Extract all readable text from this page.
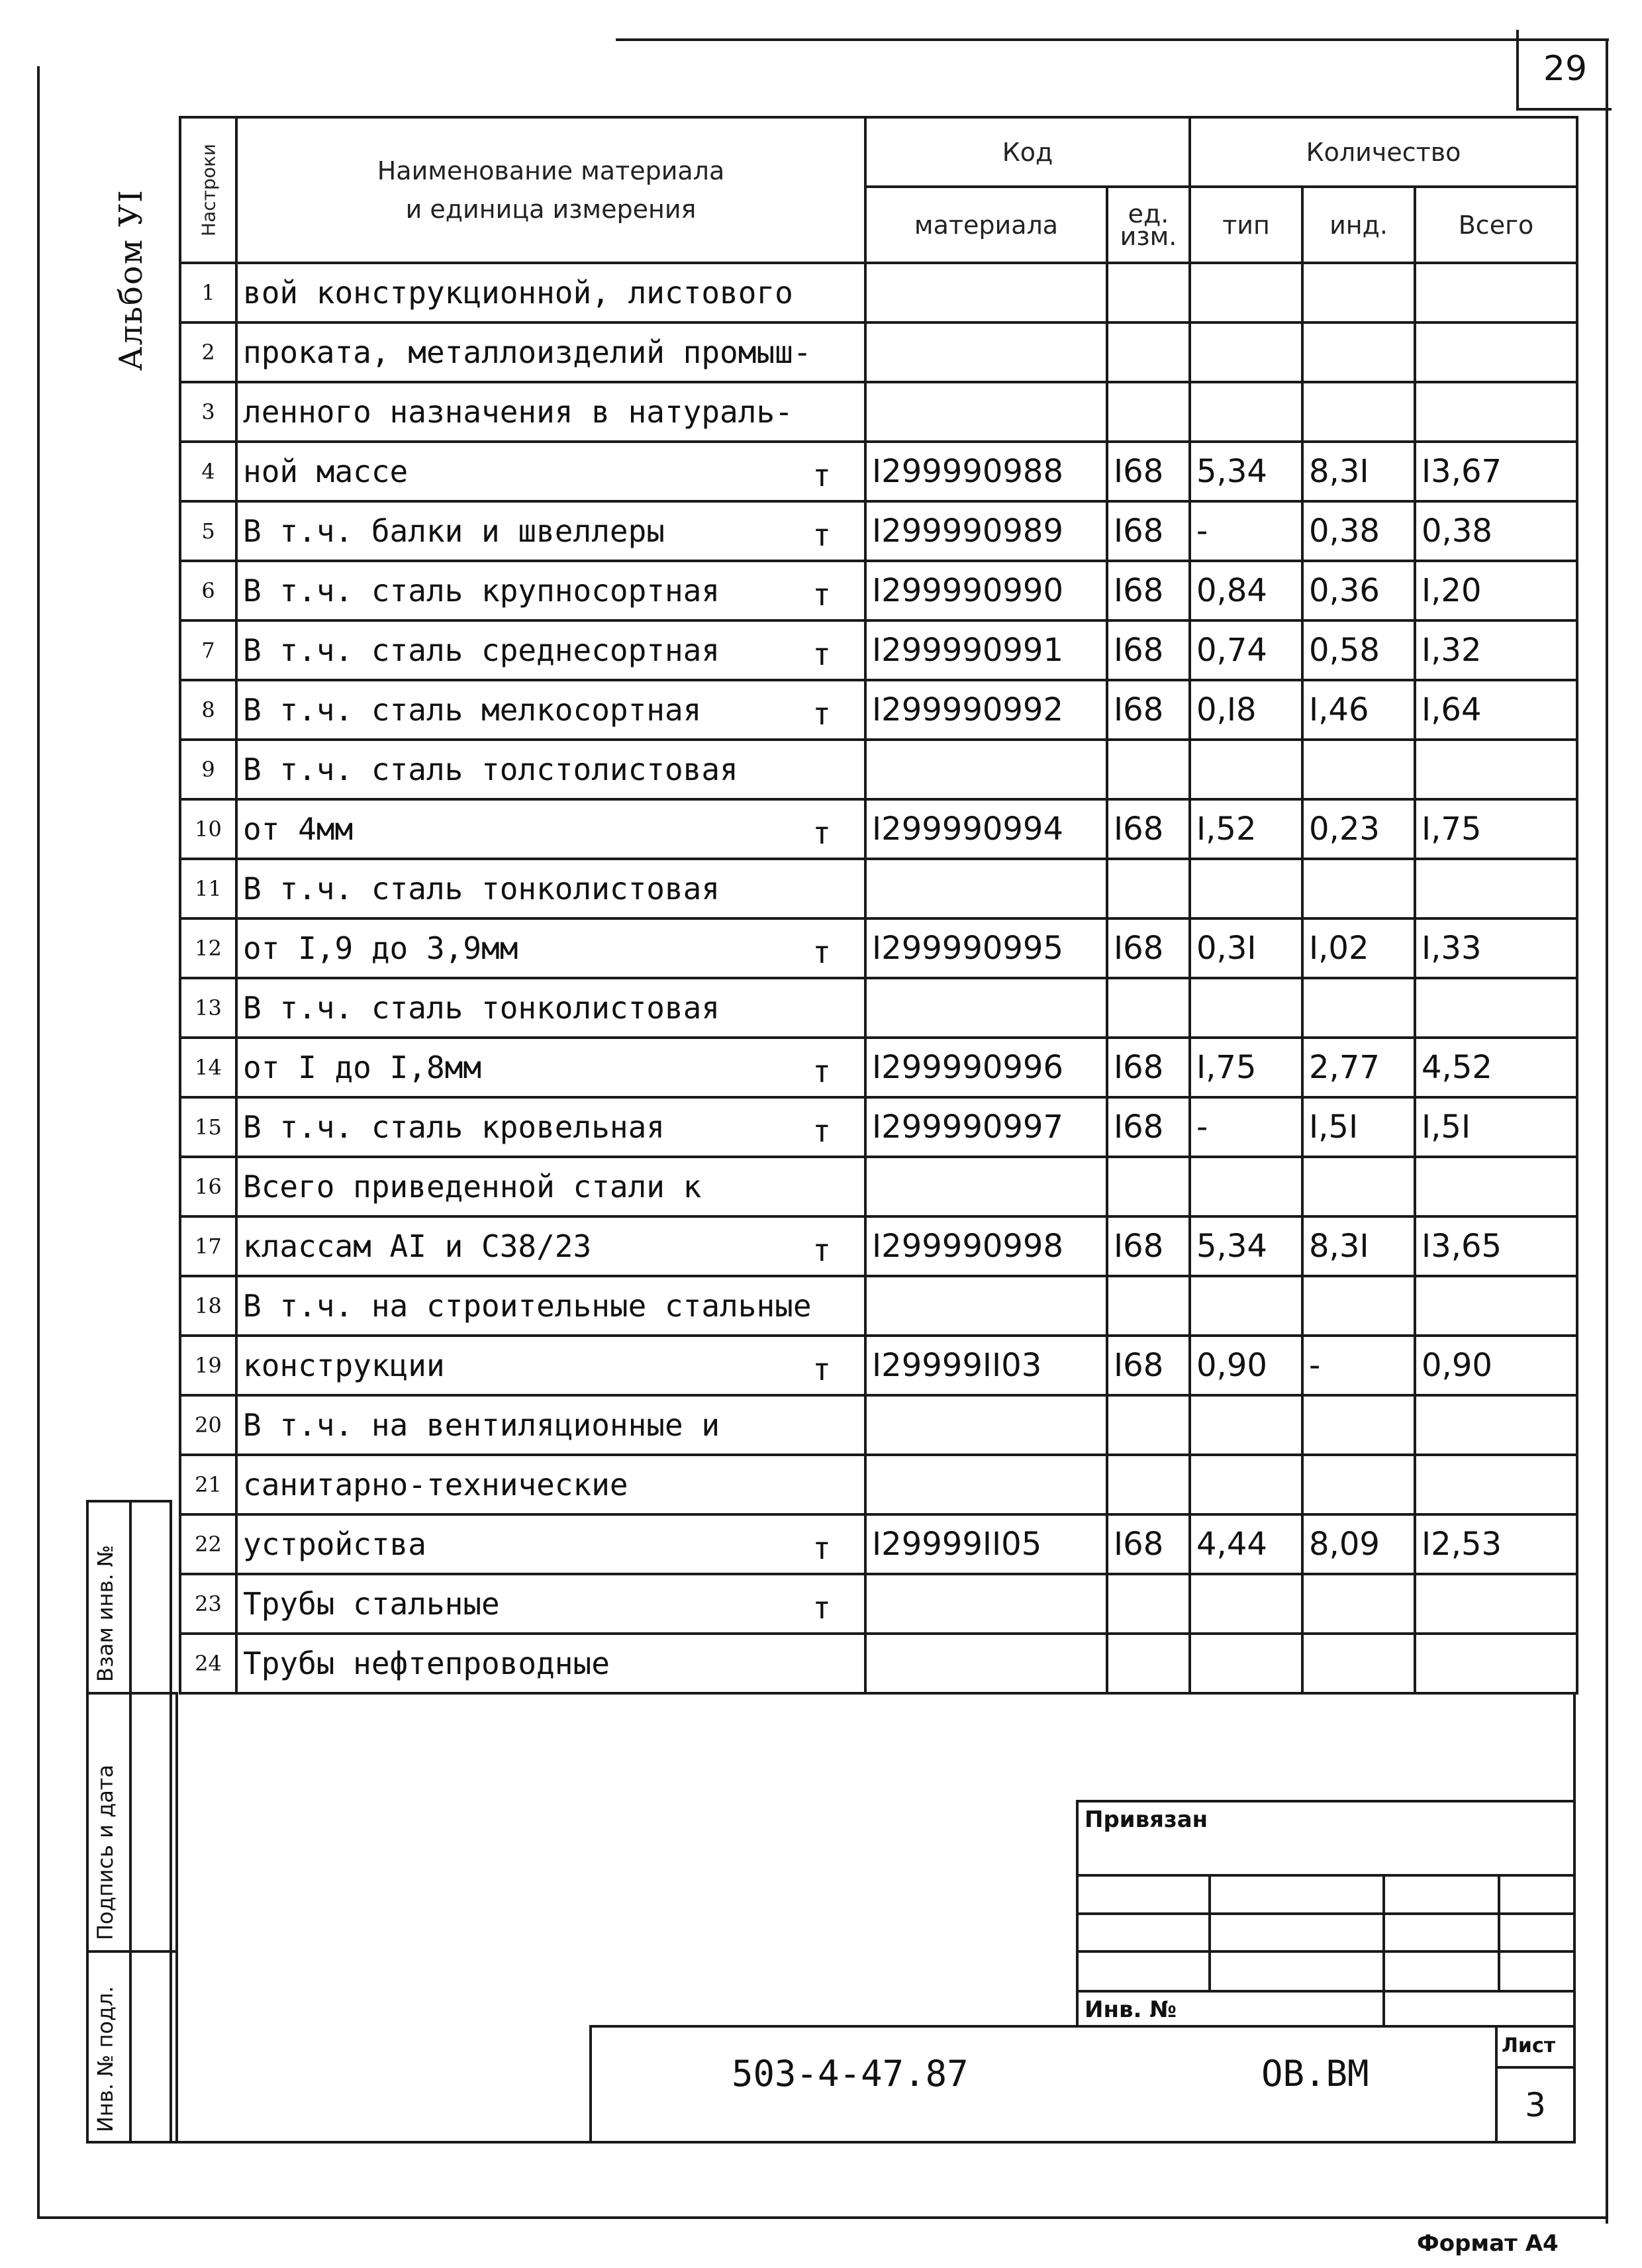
29
Альбом УI	Настроки	Наименование материала
и единица измерения	Код		Количество		
		материала	ед.
изм.	тип	инд.	Всего
1	вой конструкционной, листового

2	проката, металлоизделий промыш-

3	ленного назначения в натураль-

4	ной массе т	I299990988	I68	5,34	8,3I	I3,67
5	В т.ч. балки и швеллеры т	I299990989	I68	-	0,38	0,38
6	В т.ч. сталь крупносортная т	I299990990	I68	0,84	0,36	I,20
7	В т.ч. сталь среднесортная т	I299990991	I68	0,74	0,58	I,32
8	В т.ч. сталь мелкосортная т	I299990992	I68	0,I8	I,46	I,64
9	В т.ч. сталь толстолистовая

10	от 4мм т	I299990994	I68	I,52	0,23	I,75
11	В т.ч. сталь тонколистовая

12	от I,9 до 3,9мм т	I299990995	I68	0,3I	I,02	I,33
13	В т.ч. сталь тонколистовая

14	от I до I,8мм т	I299990996	I68	I,75	2,77	4,52
15	В т.ч. сталь кровельная т	I299990997	I68	-	I,5I	I,5I
16	Всего приведенной стали к

17	классам AI и С38/23 т	I299990998	I68	5,34	8,3I	I3,65
18	В т.ч. на строительные стальные

19	конструкции т	I29999II03	I68	0,90	-	0,90
20	В т.ч. на вентиляционные и

21	санитарно-технические

22	устройства т	I29999II05	I68	4,44	8,09	I2,53
23	Трубы стальные т					

24	Трубы нефтепроводные

Взам инв. №
Подпись и дата
Инв. № подл.
Привязан
Инв. №
503-4-47.87	ОВ.ВМ
Лист
3
Формат А4
